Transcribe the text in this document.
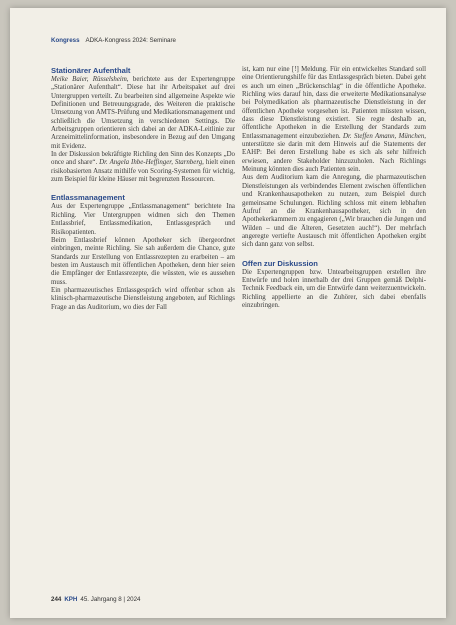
Kongress ADKA-Kongress 2024: Seminare
Stationärer Aufenthalt

Meike Baier, Rüsselsheim, berichtete aus der Expertengruppe „Stationärer Aufenthalt“. Diese hat ihr Arbeitspaket auf drei Untergruppen verteilt. Zu bearbeiten sind allgemeine Aspekte wie Definitionen und Betreuungsgrade, des Weiteren die praktische Umsetzung von AMTS-Prüfung und Medikationsmanagement und schließlich die Umsetzung in verschiedenen Settings. Die Arbeitsgruppen orientieren sich dabei an der ADKA-Leitlinie zur Arzneimittelinformation, insbesondere in Bezug auf den Umgang mit Evidenz.

In der Diskussion bekräftigte Richling den Sinn des Konzepts „Do once and share“. Dr. Angela Ihbe-Heffinger, Starnberg, hielt einen risikobasierten Ansatz mithilfe von Scoring-Systemen für wichtig, zum Beispiel für kleine Häuser mit begrenzten Ressourcen.

Entlassmanagement

Aus der Expertengruppe „Entlassmanagement“ berichtete Ina Richling. Vier Untergruppen widmen sich den Themen Entlassbrief, Entlassmedikation, Entlassgespräch und Risikopatienten.

Beim Entlassbrief können Apotheker sich übergeordnet einbringen, meinte Richling. Sie sah außerdem die Chance, gute Standards zur Erstellung von Entlassrezepten zu erarbeiten – am besten im Austausch mit öffentlichen Apotheken, denn hier seien die Empfänger der Entlassrezepte, die wüssten, wie es aussehen muss.

Ein pharmazeutisches Entlassgespräch wird offenbar schon als klinisch-pharmazeutische Dienstleistung angeboten, auf Richlings Frage an das Auditorium, wo dies der Fall

ist, kam nur eine [!] Meldung. Für ein entwickeltes Standard soll eine Orientierungshilfe für das Entlassgespräch bieten. Dabei geht es auch um einen „Brückenschlag“ in die öffentliche Apotheke. Richling wies darauf hin, dass die erweiterte Medikationsanalyse bei Polymedikation als pharmazeutische Dienstleistung in der öffentlichen Apotheke vorgesehen ist. Patienten müssten wissen, dass diese Dienstleistung existiert. Sie regte deshalb an, öffentliche Apotheken in die Erstellung der Standards zum Entlassmanagement einzubeziehen. Dr. Steffen Amann, München, unterstützte sie darin mit dem Hinweis auf die Statements der EAHP: Bei deren Erstellung habe es sich als sehr hilfreich erwiesen, andere Stakeholder hinzuzuholen. Nach Richlings Meinung könnten dies auch Patienten sein.

Aus dem Auditorium kam die Anregung, die pharmazeutischen Dienstleistungen als verbindendes Element zwischen öffentlichen und Krankenhausapotheken zu nutzen, zum Beispiel durch gemeinsame Schulungen. Richling schloss mit einem lebhaften Aufruf an die Krankenhausapotheker, sich in den Apothekerkammern zu engagieren („Wir brauchen die Jungen und Wilden – und die Älteren, Gesetzten auch!“). Der mehrfach angeregte vertiefte Austausch mit öffentlichen Apotheken ergibt sich dann ganz von selbst.

Offen zur Diskussion

Die Expertengruppen bzw. Untearbeitsgruppen erstellen ihre Entwürfe und holen innerhalb der drei Gruppen gemäß Delphi-Technik Feedback ein, um die Entwürfe dann weiterzuentwickeln. Richling appellierte an die Zuhörer, sich dabei ebenfalls einzubringen.

244 KPH 45. Jahrgang 8 | 2024
